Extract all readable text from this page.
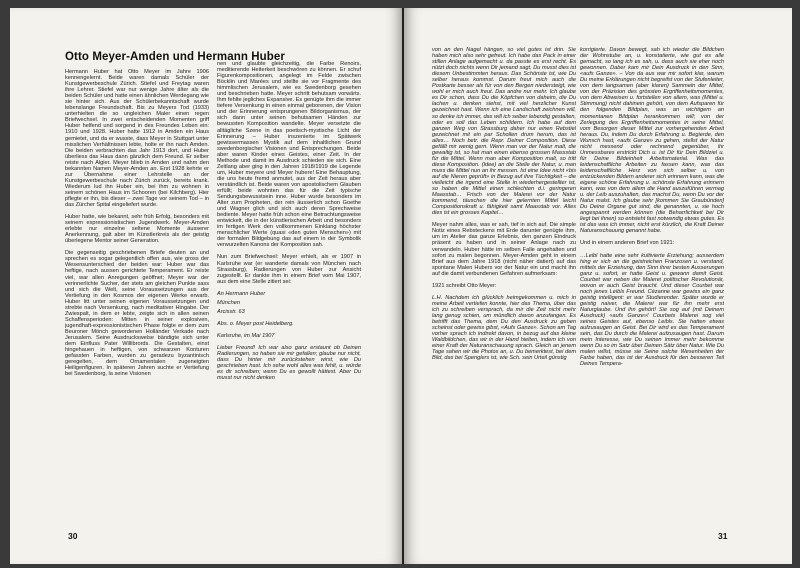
Otto Meyer-Amden und Hermann Huber

Hermann Huber hat Otto Meyer im Jahre 1906 kennengelernt. Beide waren damals Schüler der Kunstgewerbeschule Zürich. Stiefel und Freytag waren ihre Lehrer. Stiefel war nur wenige Jahre älter als die beiden Schüler und hatte einen ähnlichen Werdegang wie sie hinter sich. Aus der Schülerbekanntschaft wurde lebenslange Freundschaft. Bis zu Meyers Tod (1933) unterhielten die so ungleichen Maler einen regen Briefwechsel. In zwei entscheidenden Momenten griff Huber helfend und sorgend in des Freundes Leben ein: 1910 und 1928. Huber hatte 1912 in Amden ein Haus gemietet, und da er wusste, dass Meyer in Stuttgart unter misslichen Verhältnissen lebte, holte er ihn nach Amden. Die beiden verbrachten das Jahr 1913 dort, und Huber überliess das Haus dann gänzlich dem Freund. Er selber reiste nach Algier. Meyer blieb in Amden und nahm den bekannten Namen Meyer-Amden an. Erst 1928 kehrte er zur Übernahme einer Lehrstelle an der Kunstgewerbeschule nach Zürich zurück, bereits krank. Wiederum lud ihn Huber ein, bei ihm zu wohnen in seinem schönen Haus im Schooren (bei Kilchberg). Hier pflegte er ihn, bis dieser – zwei Tage vor seinem Tod – in das Zürcher Spital eingeliefert wurde.

Huber hatte, wie bekannt, sehr früh Erfolg, besonders mit seinem expressionistischen Jugendwerk. Meyer-Amden erlebte nur einzelne seltene Momente äusserer Anerkennung, galt aber im Künstlerkreis als der geistig überlegene Mentor seiner Generation.

Die gegenseitig geschriebenen Briefe deuten an und sprechen es sogar gelegentlich offen aus, wie gross der Wesensunterschied der beiden war: Huber war das heftige, nach aussen gerichtete Temperament. Er reiste viel, war allen Anregungen geöffnet; Meyer war der verinnerlichte Sucher, der stets am gleichen Punkte sass und sich die Welt, seine Voraussetzungen aus der Vertiefung in den Kosmos der eigenen Werke erwarb. Huber litt unter seinen eigenen Voraussetzungen und strebte nach Versenkung, nach meditativer Hingabe. Der Zwiespalt, in dem er lebte, zeigte sich in allen seinen Schaffensperioden: Mitten in seiner explosiven, jugendhaft-expressionistischen Phase folgte er dem zum Beuroner Mönch gewordenen Holländer Verkade nach Jerusalem. Seine Ausdruckswelse bändigte sich unter dem Einfluss Pater Willibrords. Die Gestalten, einst hingehauen in heftigen, von schwarzen Konturen gefassten Farben, wurden zu geradezu byzantinisch geregelten, dem Ornamentalen zugeneigten Heiligenfiguren. In späteren Jahren suchte er Vertiefung bei Swedenborg, la seine Visionen

nen und glaubte gleichzeitig, die Farbe Renoirs, meditierende Heiterkeit beschwören zu können. Er schuf Figurenkompositionen, angelegt im Felde zwischen Böcklin und Marées und stellte sie vor Fragmente des himmlischen Jerusalem, wie es Swedenborg gesehen und beschrieben hatte. Meyer schritt behutsam vorwärts. Ihm fehlte jegliches Expansive. Es genügte ihm die immer tiefere Versenkung in einen einmal geborenen, der Vision und der Erinnerung entsprungenen Bildorganismus, der sich dann unter seinen behutsamen Händen zur bewussten Komposition wandelte. Meyer versetzte die alltägliche Szene in das poetisch-mystische Licht der Erinnerung – Huber inszenierte im Spätwerk gewissermassen Mystik auf dem inhaltlichen Grund swedenborgischer Visionen und Entsprechungen. Beide aber waren Kinder eines Geistes, einer Zeit. In der Methode und damit im Ausdruck schieden sie sich. Eine Zeitlang aber ging in den Jahren 1918/1919 die Legende um, Huber meyere und Meyer hubere! Eine Behauptung, die uns heute fremd anmutet, aus der Zeit heraus aber verständlich ist. Beide waren von apostolischem Glauben erfüllt; beide wohnten das für die Zeit typische Sendungsbewusstsein inne. Huber wurde besonders im Alter zum Propheten, der rein äusserlich schon Goethe und Wagner glich und sich auch deren Sprechweise bediente. Meyer hatte früh schon eine Betrachtungsweise entwickelt, die in der künstlerischen Arbeit und besonders im fertigen Werk den vollkommenen Einklang höchster menschlicher Werte (quasi «den guten Menschen») mit der formalen Bildgebung das auf einem in der Symbolik verwurzelten Kanons der Komposition sah.

Nun zum Briefwechsel: Meyer erhielt, als er 1907 in Karlsruhe war (er wanderte damals von München nach Strassburg), Radierungen von Huber zur Ansicht zugestellt. Er dankte ihm in einem Brief vom Mai 1907, aus dem eine Stelle zitiert sei:

An Hermann Huber

München

Arcisstr. 63

Abs. o. Meyer post Heidelberg.

Karlsruhe, im Mai 1907

Lieber Freund! Ich war also ganz erstaunt ob Deinen Radierungen, so haben sie mir gefallen; glaube nur nicht, dass Du hinter mir zurückstehen wirst, wie Du geschrieben hast. Ich sehe wohl alles was fehlt, u. würde es dir schreiben; wenn Du es gewollt hättest. Aber Du musst nur nicht denken

30

von an den Nagel hängen, so viel gutes ist drin. Sie haben mich also sehr gefreut. Ich habe das Pack in einer stillen Anlage aufgemacht u. da passte es erst recht. Es nützt doch nichts wenn Dir jemand sagt, Du musst dies ist diesem Unbestimmten heraus. Das Schönste ist, wie Du selber heraus kommst. Darum freut mich auch die Postkarte besser als für von den Bergen niedersteigt, wie wohl er mich auch freut. Das andre nur mehr. Ich glaube es Dir schon, dass Du die Köpfchen von daheim, die Du lachen u. denken siehst, mit viel herzlicher Kunst gezeichnet hast. Wenn ich eine Landschaft zeichnen will, so denke ich immer, das will ich selber lebendig gestalten, oder es soll das Leben schildern. Ich habe auf dem ganzen Weg von Strassburg daher nur einen Rebstiel gezeichnet mit ein par Schollen drum herum, das ist alles… Noch betr. die Repr. Deiner Composition. Diese gefällt mir wenig gern. Wenn man vor der Natur malt, die gewaltig ist, so hat man einen ebenso grossen Massstab für die Mittel. Wenn man aber Komposition malt, so tritt diese Komposition. (Idee) an die Stelle der Natur, u. man muss die Mittel nun an ihr messen. Ist eine Idee nicht «bis auf die Nieren geprüft» in Bezug auf ihre Tüchtigkeit – die vielleicht die irgend eine Stelle in wiederhergestellter ist, so haben die Mittel einen schlechten d.i. geringeren Maasstab… Frisch von der Malerei vor der Natur kommend, täuschen die hier gelernten Mittel leicht Compositionskraft u. fähigkeit samt Maasstab vor. Alles dies ist ein grosses Kapitel…

Meyer nahm alles, was er sah, tief in sich auf. Die simple Notiz eines Rebsteckens mit Erde darunter genügte ihm, um im Atelier das ganze Erlebnis, den ganzen Eindruck präsent zu haben und in seiner Anlage nach zu verwandeln. Huber hätte im selben Falle angehalten und sofort zu malen begonnen. Meyer-Amden geht in einem Brief aus dem Jahre 1918 (nicht näher datiert) auf das spontane Malen Hubers vor der Natur ein und macht ihn auf die damit verbundenen Gefahren aufmerksam:

1921 schreibt Otto Meyer:

L.H. Nachdem ich glücklich heimgekommen u. mich in meine Arbeit vertiefen konnte, hier das Thema, über das ich zu schreiben versprach, da mir die Zeit nicht mehr lang genug schien, um mündlich davon anzufangen. Es betrifft das Thema, dem Du den Ausdruck zu geben scheinst oder gewiss gibst, «Aufs Ganze». Schon am Tag vorher sprach ich indirekt davon, in bezug auf das kleine Waldbildchen, das wir in der Hand hielten, indem ich von einer Kraft der Naturanschauung sprach. Gleich an jenem Tage sahen wir die Photos an, u. Du bemerktest, bei dem Bild, das bei Spenglers ist, wie Sch. sein Urteil günstig

korrigierte. Davon bewegt, sah ich wieder die Bildchen der Wohnstube an, u. konstatierte, wie gut es alle gemacht, so lang ich es sah, u. dass auch sie eher noch gewonnen. Daber kam mir Dein Ausdruck in den Sinn, «aufs Ganze». – Von da aus war mir sofort klar, warum Du meine Erklärungen nicht begreifst von der Stufenleiter, von dem langsamen (aber klaren) Sammeln der Mittel, von der Präzision des grössten Ergriffenheitsmomentes, von dem Abweisen u. fortstellen von allem, was (Mittel u. Stimmung) nicht dahinein gehört, von dem Aufsparen für den folgenden Bildplan, was an wichtigem an momentanen Bildplan herankommen will; von der Zerlegung des Ergriffenheitsmomentes in seine Mittel, vom Besorgen dieser Mittel zur vorhergehenden Arbeit heraus. Du, indem Du durch Erfahrung u. Begierde, den Wunsch hast, «aufs Ganze» zu gehen, stellst der Natur nicht messend oder rechnend gegenüber, ihr Unmessbares erstrickt Dich u. ist Dir für Dein Bildziel u. für Deine Bildeinheit Arbeitsmaterial. Was das leidenschaftliche Arbeiten zu fassen kann, was das leidenschaftliche Herz von sich selber u. von entzückenden Bildern anderer sich erinnern kann, was die eigene schöne Erfahrung u. schönste Erfahrung erinnern kann, was von dem allem die Hand auszuführen vermag u. der Leib auszuhalten, das machst Du, wenn Du vor der Natur malst. Ich glaube sehr [kommen Sie Graubünden] Du Deine Organe gut sind, die genannten, u. sie hoch angespannt werden können (die Beharrlichkeit bei Dir liegt bei ihnen) so entsteht fast notwendig etwas gutes. Es ist das was ich immer, nicht erst kürzlich, die Kraft Deiner Naturanschauung genannt habe.

Und in einem anderen Brief von 1921:

…Leibl hatte eine sehr kultivierte Erziehung; ausserdem hing er sich an die geistreichen Franzosen u. verstand, mittels der Erziehung, den Sinn ihrer besten Ausserungen ganz u. sofort, er hatte Geist u. gewann damit Geist. Courbet war neben der Malerei politischer Revolutionär, wovon er auch Geist braucht. Und dieser Courbet war noch jenes Leibls Freund. Cézanne war gewiss ein ganz geistig intelligent: er war Studierender. Später wurde er geistig naiver, die Malerei war für ihn mehr erst Naturglaube. Und ihn gehört! Sie sog auf (mit Deinem Ausdruck) «aufs Ganze»! Courbets Malerei sog viel seines Geistes auf, ebenso Leibls. Sie hatten etwas aufzusaugen an Geist. Bei Dir wird es das Temperament sein, das Du durch die Malerei aufzusaugen hast. Darum mein Interesse, wie Du seinen immer mehr bekomme wenn Du so im Satz über Deinen Sätz über Natur. Wie Du malen willst, müsse sie Seine solche Wesenheiten der Farbe haben, das ist der Ausdruck für den besseren Teil Deines Tempera-

31
